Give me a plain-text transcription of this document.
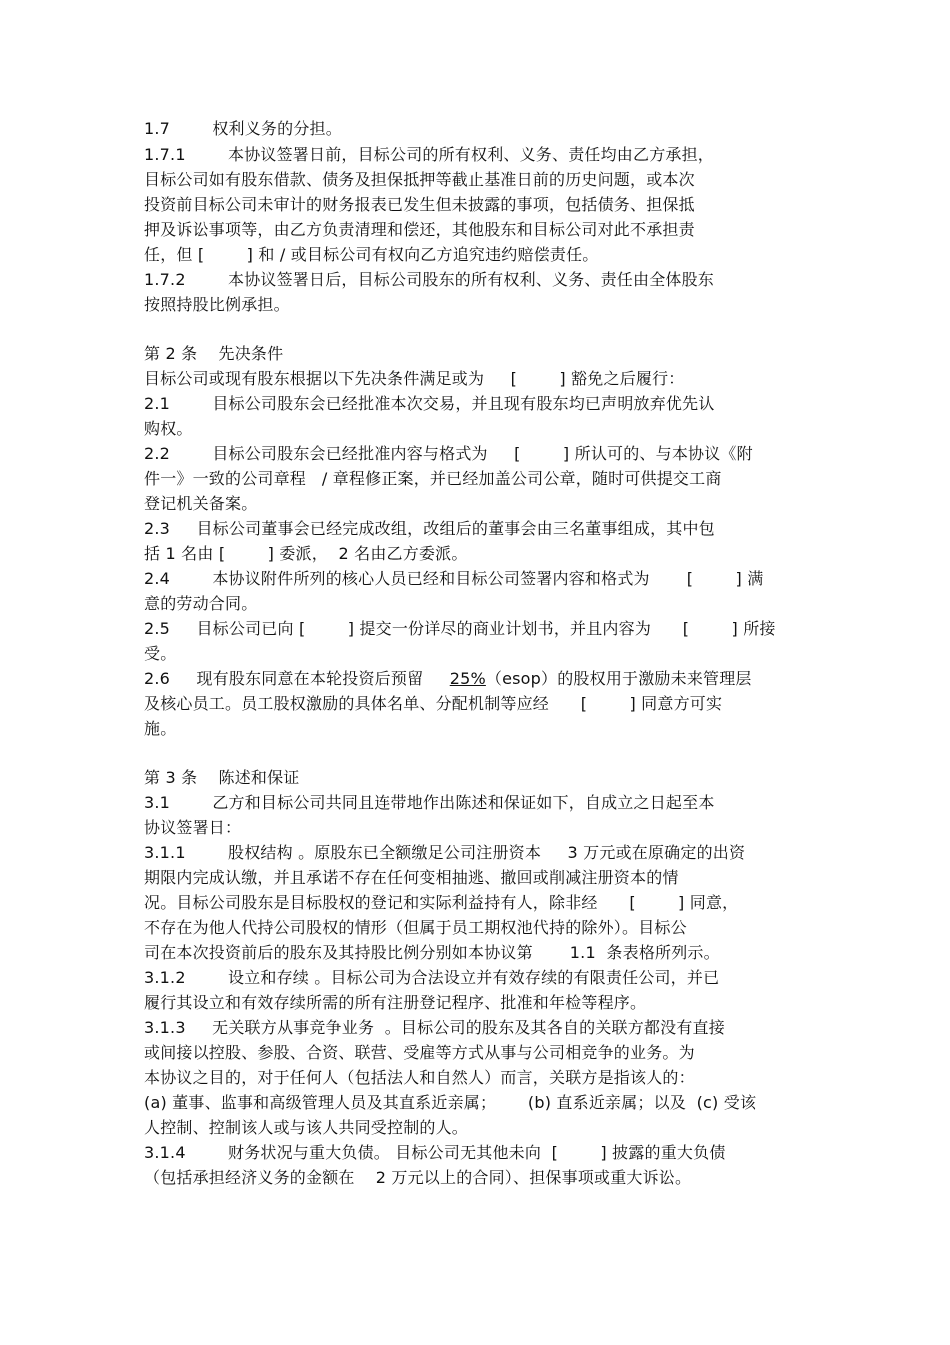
1.7        权利义务的分担。
1.7.1        本协议签署日前，目标公司的所有权利、义务、责任均由乙方承担，
目标公司如有股东借款、债务及担保抵押等截止基准日前的历史问题，或本次
投资前目标公司未审计的财务报表已发生但未披露的事项，包括债务、担保抵
押及诉讼事项等，由乙方负责清理和偿还，其他股东和目标公司对此不承担责
任，但 [        ] 和 / 或目标公司有权向乙方追究违约赔偿责任。
1.7.2        本协议签署日后，目标公司股东的所有权利、义务、责任由全体股东
按照持股比例承担。
第 2 条    先决条件
目标公司或现有股东根据以下先决条件满足或为     [        ] 豁免之后履行：
2.1        目标公司股东会已经批准本次交易，并且现有股东均已声明放弃优先认
购权。
2.2        目标公司股东会已经批准内容与格式为     [        ] 所认可的、与本协议《附
件一》一致的公司章程   / 章程修正案，并已经加盖公司公章，随时可供提交工商
登记机关备案。
2.3     目标公司董事会已经完成改组，改组后的董事会由三名董事组成，其中包
括 1 名由 [        ] 委派，  2 名由乙方委派。
2.4        本协议附件所列的核心人员已经和目标公司签署内容和格式为       [        ] 满
意的劳动合同。
2.5     目标公司已向 [        ] 提交一份详尽的商业计划书，并且内容为      [        ] 所接
受。
2.6     现有股东同意在本轮投资后预留     25%（esop）的股权用于激励未来管理层
及核心员工。员工股权激励的具体名单、分配机制等应经      [        ] 同意方可实
施。
第 3 条    陈述和保证
3.1        乙方和目标公司共同且连带地作出陈述和保证如下，自成立之日起至本
协议签署日：
3.1.1        股权结构 。原股东已全额缴足公司注册资本     3 万元或在原确定的出资
期限内完成认缴，并且承诺不存在任何变相抽逃、撤回或削减注册资本的情
况。目标公司股东是目标股权的登记和实际利益持有人，除非经      [        ] 同意，
不存在为他人代持公司股权的情形（但属于员工期权池代持的除外）。目标公
司在本次投资前后的股东及其持股比例分别如本协议第       1.1  条表格所列示。
3.1.2        设立和存续 。目标公司为合法设立并有效存续的有限责任公司，并已
履行其设立和有效存续所需的所有注册登记程序、批准和年检等程序。
3.1.3     无关联方从事竞争业务  。目标公司的股东及其各自的关联方都没有直接
或间接以控股、参股、合资、联营、受雇等方式从事与公司相竞争的业务。为
本协议之目的，对于任何人（包括法人和自然人）而言，关联方是指该人的：
(a) 董事、监事和高级管理人员及其直系近亲属；      (b) 直系近亲属；以及  (c) 受该
人控制、控制该人或与该人共同受控制的人。
3.1.4        财务状况与重大负债。 目标公司无其他未向  [        ] 披露的重大负债
（包括承担经济义务的金额在    2 万元以上的合同）、担保事项或重大诉讼。
